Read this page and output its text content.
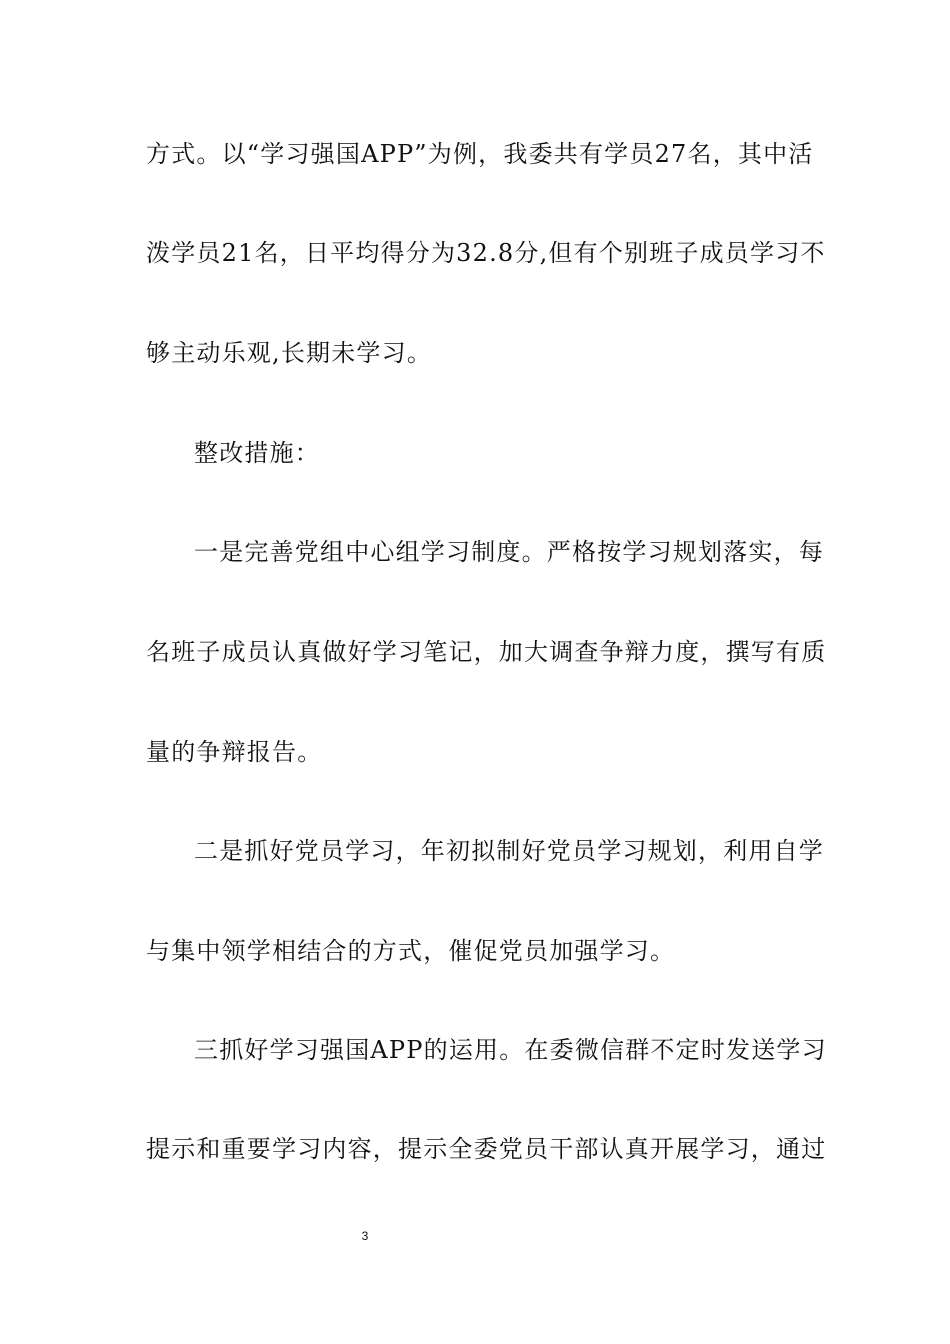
方式。以“学习强国APP”为例，我委共有学员27名，其中活
泼学员21名，日平均得分为32.8分,但有个别班子成员学习不
够主动乐观,长期未学习。
整改措施：
一是完善党组中心组学习制度。严格按学习规划落实，每
名班子成员认真做好学习笔记，加大调查争辩力度，撰写有质
量的争辩报告。
二是抓好党员学习，年初拟制好党员学习规划，利用自学
与集中领学相结合的方式，催促党员加强学习。
三抓好学习强国APP的运用。在委微信群不定时发送学习
提示和重要学习内容，提示全委党员干部认真开展学习，通过
3
